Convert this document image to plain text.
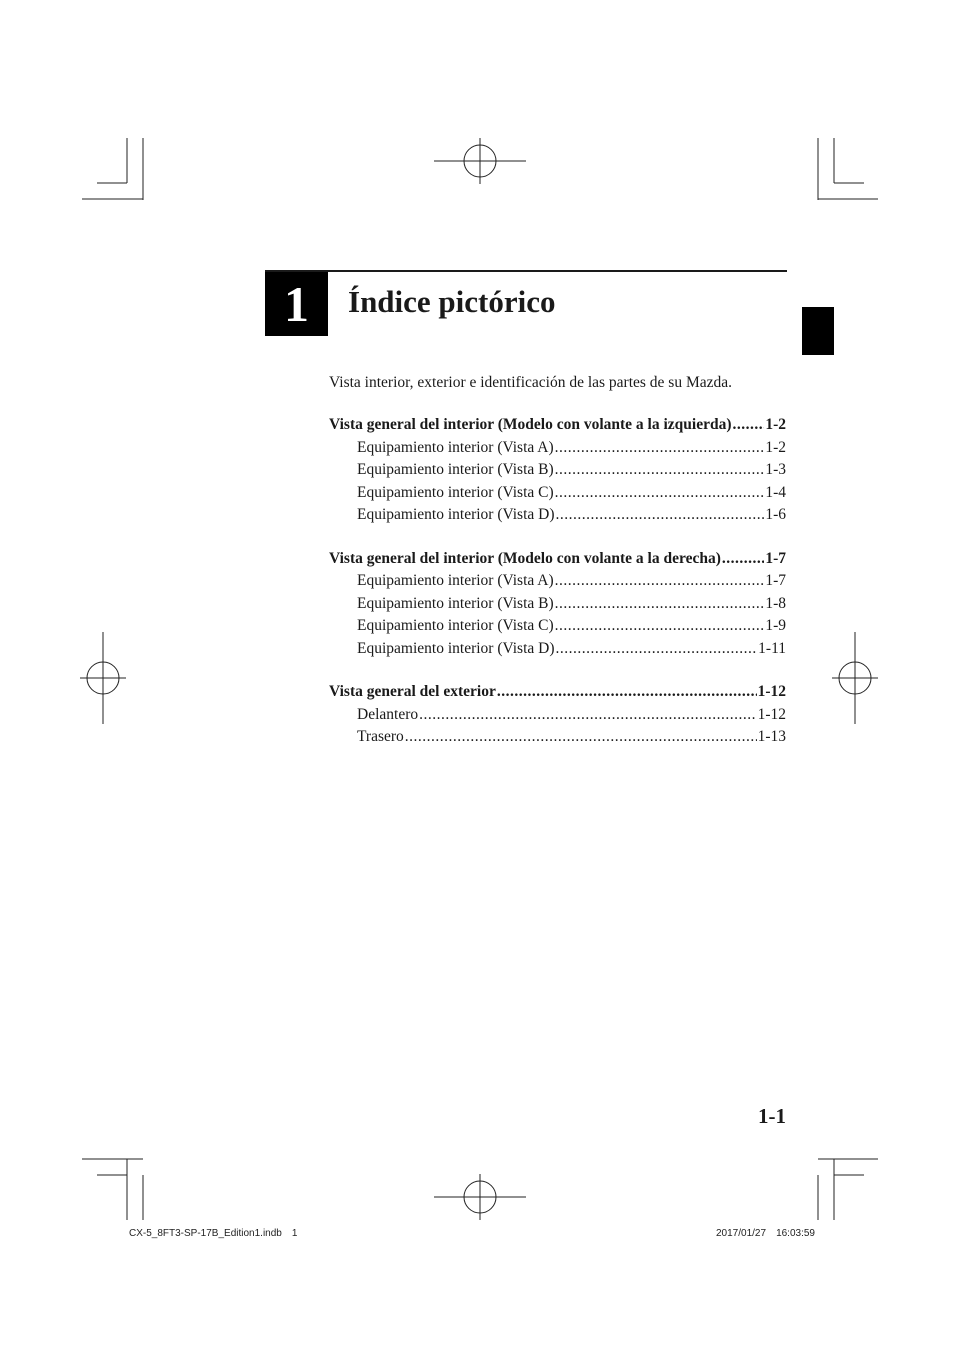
1	Índice pictórico
Vista interior, exterior e identificación de las partes de su Mazda.
Vista general del interior (Modelo con volante a la izquierda) ..... 1-2
Equipamiento interior (Vista A) .....	1-2
Equipamiento interior (Vista B) .....	1-3
Equipamiento interior (Vista C) .....	1-4
Equipamiento interior (Vista D) .....	1-6
Vista general del interior (Modelo con volante a la derecha) .....	1-7
Equipamiento interior (Vista A) .....	1-7
Equipamiento interior (Vista B) .....	1-8
Equipamiento interior (Vista C) .....	1-9
Equipamiento interior (Vista D) .....	1-11
Vista general del exterior .....	1-12
Delantero .....	1-12
Trasero .....	1-13
1-1
CX-5_8FT3-SP-17B_Edition1.indb 1	2017/01/27 16:03:59
